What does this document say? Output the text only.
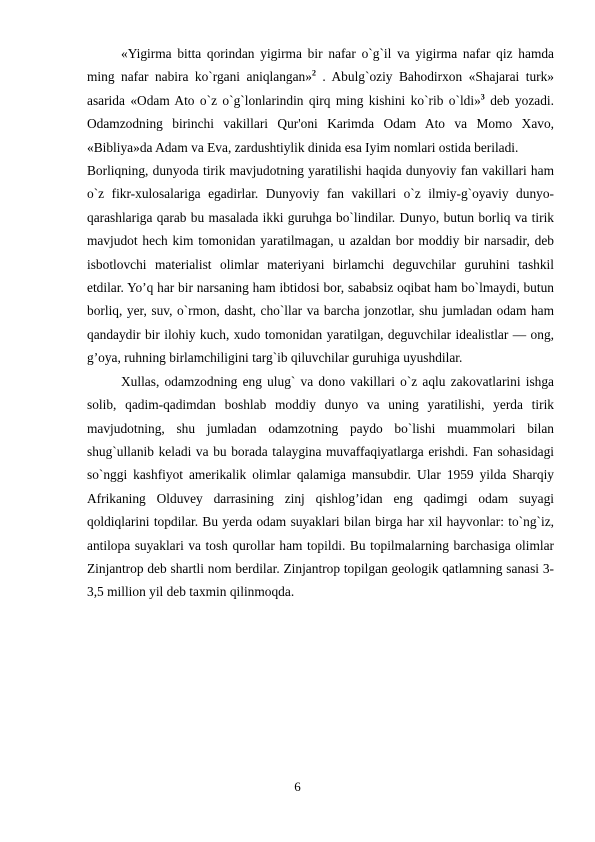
«Yigirma bitta qorindan yigirma bir nafar o`g`il va yigirma nafar qiz hamda ming nafar nabira ko`rgani aniqlangan»$^2$ . Abulg`oziy Bahodirxon «Shajarai turk» asarida «Odam Ato o`z o`g`lonlarindin qirq ming kishini ko`rib o`ldi»$^3$ deb yozadi. Odamzodning birinchi vakillari Qur'oni Karimda Odam Ato va Momo Xavo, «Bibliya»da Adam va Eva, zardushtiylik dinida esa Iyim nomlari ostida beriladi.

Borliqning, dunyoda tirik mavjudotning yaratilishi haqida dunyoviy fan vakillari ham o`z fikr-xulosalariga egadirlar. Dunyoviy fan vakillari o`z ilmiy-g`oyaviy dunyo-qarashlariga qarab bu masalada ikki guruhga bo`lindilar. Dunyo, butun borliq va tirik mavjudot hech kim tomonidan yaratilmagan, u azaldan bor moddiy bir narsadir, deb isbotlovchi materialist olimlar materiyani birlamchi deguvchilar guruhini tashkil etdilar. Yo’q har bir narsaning ham ibtidosi bor, sababsiz oqibat ham bo`lmaydi, butun borliq, yer, suv, o`rmon, dasht, cho`llar va barcha jonzotlar, shu jumladan odam ham qandaydir bir ilohiy kuch, xudo tomonidan yaratilgan, deguvchilar idealistlar — ong, g’oya, ruhning birlamchiligini targ`ib qiluvchilar guruhiga uyushdilar.

Xullas, odamzodning eng ulug` va dono vakillari o`z aqlu zakovatlarini ishga solib, qadim-qadimdan boshlab moddiy dunyo va uning yaratilishi, yerda tirik mavjudotning, shu jumladan odamzotning paydo bo`lishi muammolari bilan shug`ullanib keladi va bu borada talaygina muvaffaqiyatlarga erishdi. Fan sohasidagi so`nggi kashfiyot amerikalik olimlar qalamiga mansubdir. Ular 1959 yilda Sharqiy Afrikaning Olduvey darrasining zinj qishlog’idan eng qadimgi odam suyagi qoldiqlarini topdilar. Bu yerda odam suyaklari bilan birga har xil hayvonlar: to`ng`iz, antilopa suyaklari va tosh qurollar ham topildi. Bu topilmalarning barchasiga olimlar Zinjantrop deb shartli nom berdilar. Zinjantrop topilgan geologik qatlamning sanasi 3-3,5 million yil deb taxmin qilinmoqda.

6
